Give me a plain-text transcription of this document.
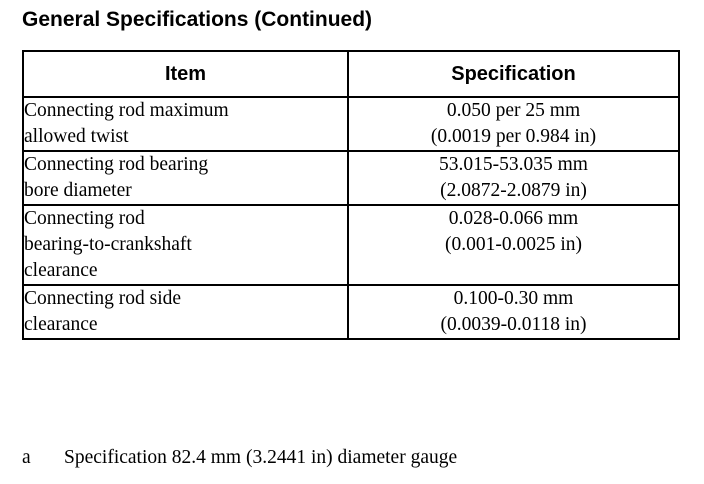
General Specifications (Continued)
Item	Specification

Connecting rod maximum
allowed twist	0.050 per 25 mm
(0.0019 per 0.984 in)

Connecting rod bearing
bore diameter	53.015-53.035 mm
(2.0872-2.0879 in)

Connecting rod
bearing-to-crankshaft
clearance	0.028-0.066 mm
(0.001-0.0025 in)

Connecting rod side
clearance	0.100-0.30 mm
(0.0039-0.0118 in)
a Specification 82.4 mm (3.2441 in) diameter gauge
